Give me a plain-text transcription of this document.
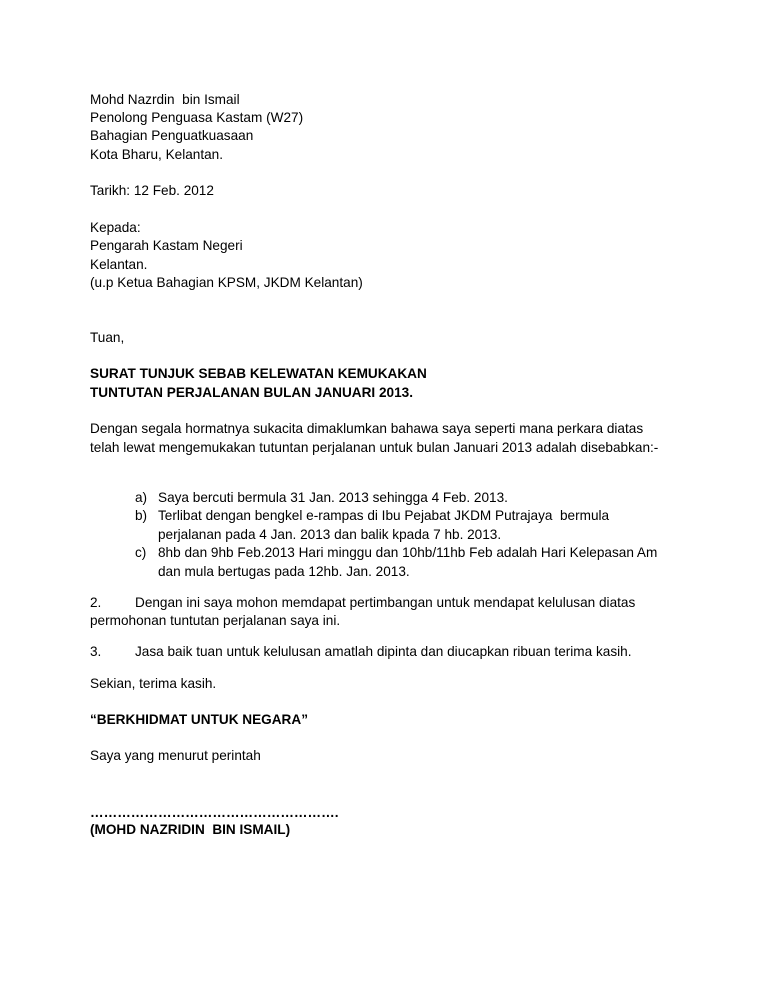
Mohd Nazrdin  bin Ismail
Penolong Penguasa Kastam (W27)
Bahagian Penguatkuasaan
Kota Bharu, Kelantan.
Tarikh: 12 Feb. 2012
Kepada:
Pengarah Kastam Negeri
Kelantan.
(u.p Ketua Bahagian KPSM, JKDM Kelantan)
Tuan,
SURAT TUNJUK SEBAB KELEWATAN KEMUKAKAN
TUNTUTAN PERJALANAN BULAN JANUARI 2013.
Dengan segala hormatnya sukacita dimaklumkan bahawa saya seperti mana perkara diatas
telah lewat mengemukakan tutuntan perjalanan untuk bulan Januari 2013 adalah disebabkan:-
a) Saya bercuti bermula 31 Jan. 2013 sehingga 4 Feb. 2013.
b) Terlibat dengan bengkel e-rampas di Ibu Pejabat JKDM Putrajaya  bermula
perjalanan pada 4 Jan. 2013 dan balik kpada 7 hb. 2013.
c) 8hb dan 9hb Feb.2013 Hari minggu dan 10hb/11hb Feb adalah Hari Kelepasan Am
dan mula bertugas pada 12hb. Jan. 2013.
2. Dengan ini saya mohon memdapat pertimbangan untuk mendapat kelulusan diatas
permohonan tuntutan perjalanan saya ini.
3. Jasa baik tuan untuk kelulusan amatlah dipinta dan diucapkan ribuan terima kasih.
Sekian, terima kasih.
“BERKHIDMAT UNTUK NEGARA”
Saya yang menurut perintah
……………………………………………….
(MOHD NAZRIDIN  BIN ISMAIL)
